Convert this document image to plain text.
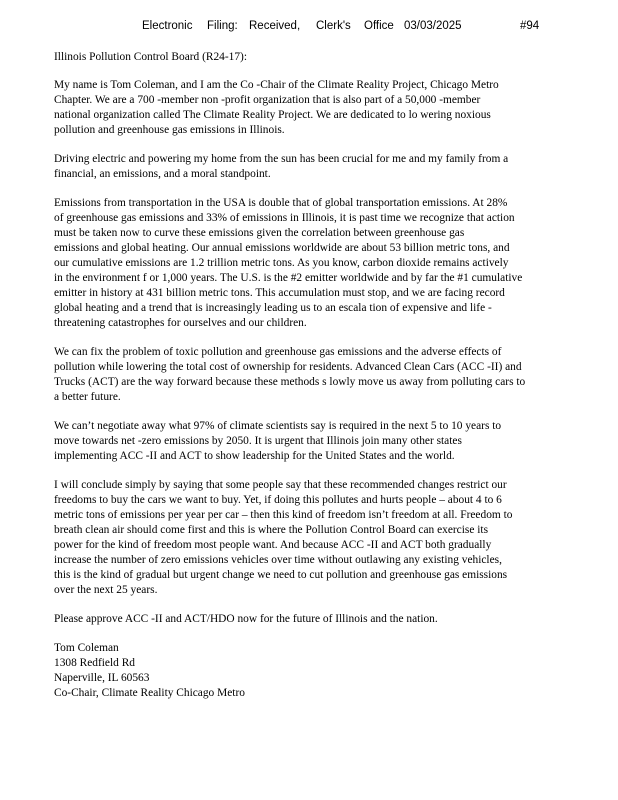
Electronic Filing: Received, Clerk's Office 03/03/2025	#94

Illinois Pollution Control Board (R24-17):

My name is Tom Coleman, and I am the Co -Chair of the Climate Reality Project, Chicago Metro
Chapter. We are a 700 -member non -profit organization that is also part of a 50,000 -member
national organization called The Climate Reality Project. We are dedicated to lo wering noxious
pollution and greenhouse gas emissions in Illinois.

Driving electric and powering my home from the sun has been crucial for me and my family from a
financial, an emissions, and a moral standpoint.

Emissions from transportation in the USA is double that of global transportation emissions. At 28%
of greenhouse gas emissions and 33% of emissions in Illinois, it is past time we recognize that action
must be taken now to curve these emissions given the correlation between greenhouse gas
emissions and global heating. Our annual emissions worldwide are about 53 billion metric tons, and
our cumulative emissions are 1.2 trillion metric tons. As you know, carbon dioxide remains actively
in the environment f or 1,000 years. The U.S. is the #2 emitter worldwide and by far the #1 cumulative
emitter in history at 431 billion metric tons. This accumulation must stop, and we are facing record
global heating and a trend that is increasingly leading us to an escala tion of expensive and life -
threatening catastrophes for ourselves and our children.

We can fix the problem of toxic pollution and greenhouse gas emissions and the adverse effects of
pollution while lowering the total cost of ownership for residents. Advanced Clean Cars (ACC -II) and
Trucks (ACT) are the way forward because these methods s lowly move us away from polluting cars to
a better future.

We can’t negotiate away what 97% of climate scientists say is required in the next 5 to 10 years to
move towards net -zero emissions by 2050. It is urgent that Illinois join many other states
implementing ACC -II and ACT to show leadership for the United States and the world.

I will conclude simply by saying that some people say that these recommended changes restrict our
freedoms to buy the cars we want to buy. Yet, if doing this pollutes and hurts people – about 4 to 6
metric tons of emissions per year per car – then this kind of freedom isn’t freedom at all. Freedom to
breath clean air should come first and this is where the Pollution Control Board can exercise its
power for the kind of freedom most people want. And because ACC -II and ACT both gradually
increase the number of zero emissions vehicles over time without outlawing any existing vehicles,
this is the kind of gradual but urgent change we need to cut pollution and greenhouse gas emissions
over the next 25 years.

Please approve ACC -II and ACT/HDO now for the future of Illinois and the nation.

Tom Coleman
1308 Redfield Rd
Naperville, IL 60563
Co-Chair, Climate Reality Chicago Metro
